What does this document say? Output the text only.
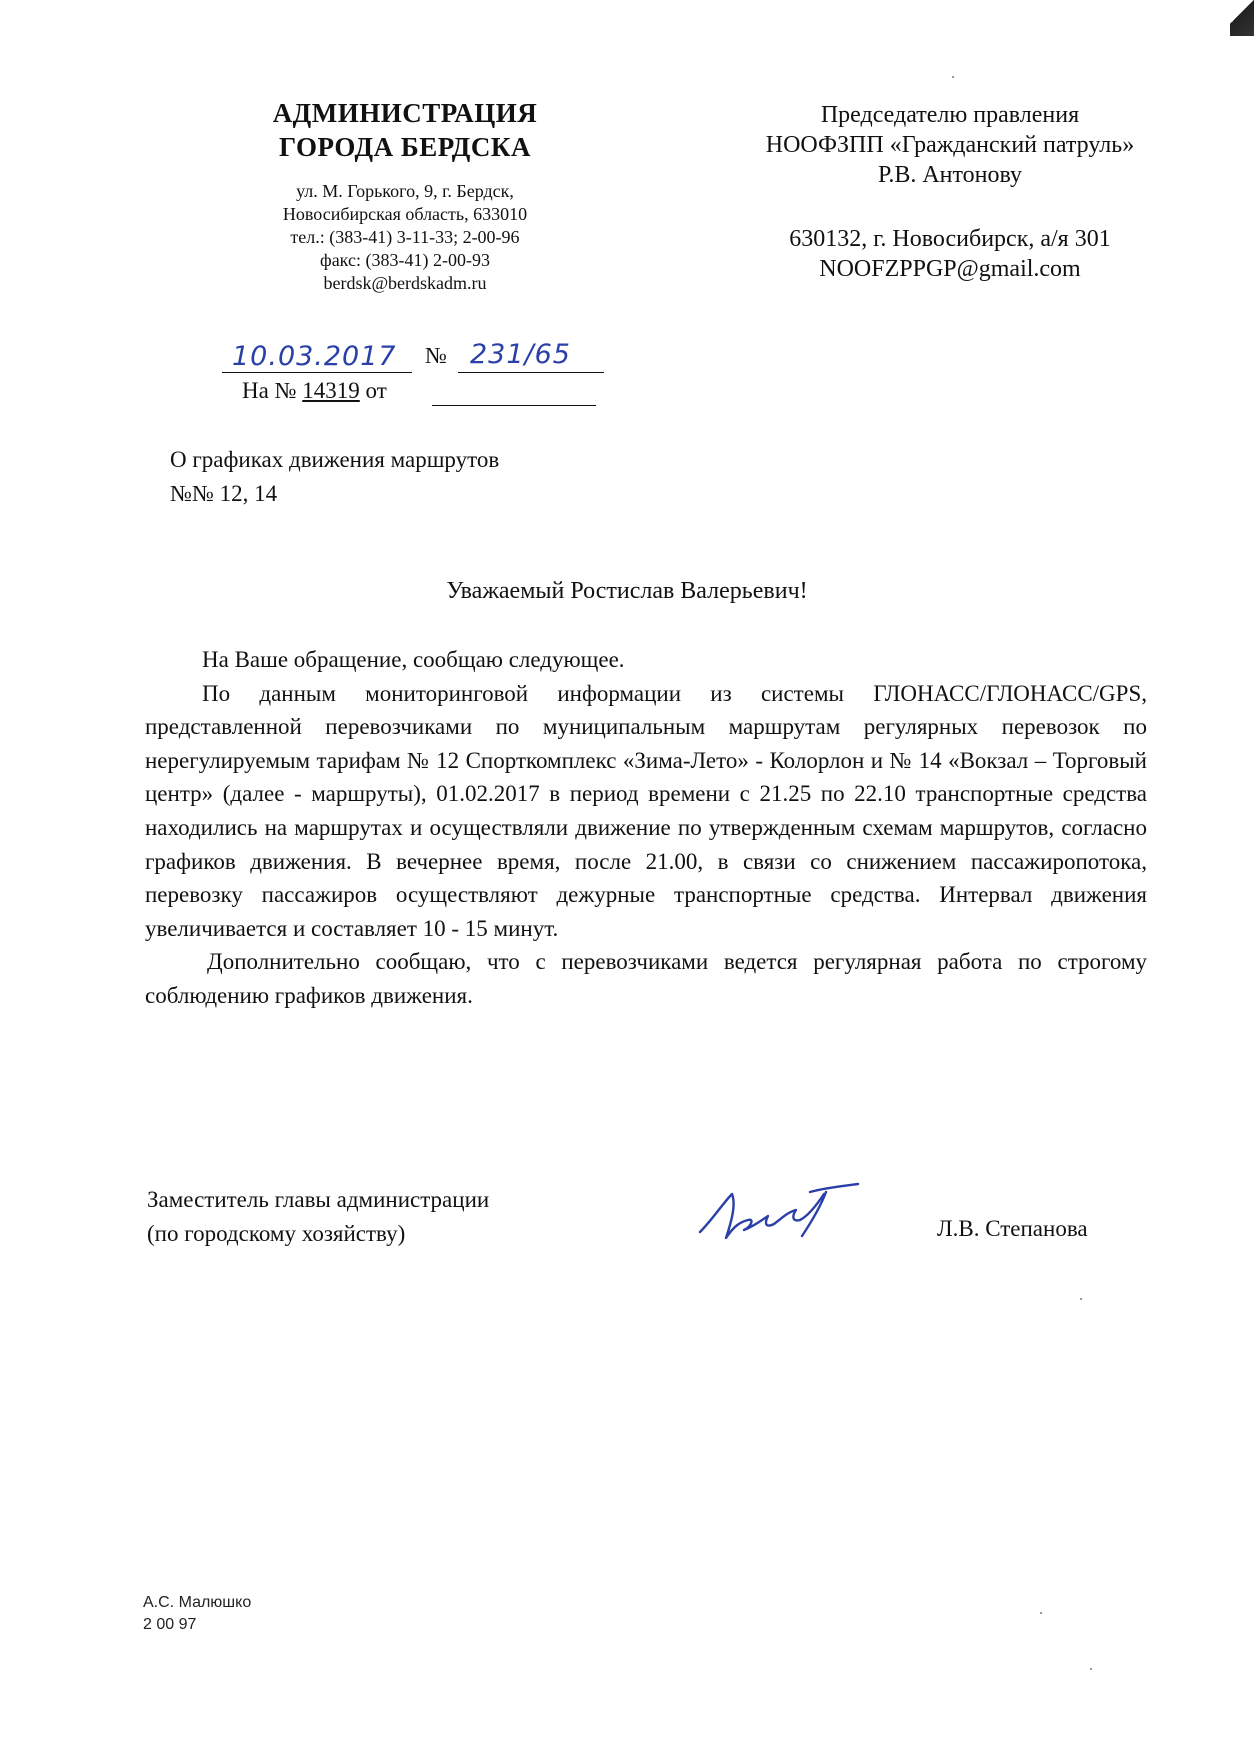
АДМИНИСТРАЦИЯ
ГОРОДА БЕРДСКА
ул. М. Горького, 9, г. Бердск,
Новосибирская область, 633010
тел.: (383-41) 3-11-33; 2-00-96
факс: (383-41) 2-00-93
berdsk@berdskadm.ru
Председателю правления
НООФЗПП «Гражданский патруль»
Р.В. Антонову
630132, г. Новосибирск, а/я 301
NOOFZPPGP@gmail.com
10.03.2017 № 231/65
На № 14319 от
О графиках движения маршрутов
№№ 12, 14
Уважаемый Ростислав Валерьевич!

На Ваше обращение, сообщаю следующее.

По данным мониторинговой информации из системы ГЛОНАСС/ГЛОНАСС/GPS, представленной перевозчиками по муниципальным маршрутам регулярных перевозок по нерегулируемым тарифам № 12 Спорткомплекс «Зима-Лето» - Колорлон и № 14 «Вокзал – Торговый центр» (далее - маршруты), 01.02.2017 в период времени с 21.25 по 22.10 транспортные средства находились на маршрутах и осуществляли движение по утвержденным схемам маршрутов, согласно графиков движения. В вечернее время, после 21.00, в связи со снижением пассажиропотока, перевозку пассажиров осуществляют дежурные транспортные средства. Интервал движения увеличивается и составляет 10 - 15 минут.

Дополнительно сообщаю, что с перевозчиками ведется регулярная работа по строгому соблюдению графиков движения.

Заместитель главы администрации
(по городскому хозяйству)	Л.В. Степанова
А.С. Малюшко
2 00 97
